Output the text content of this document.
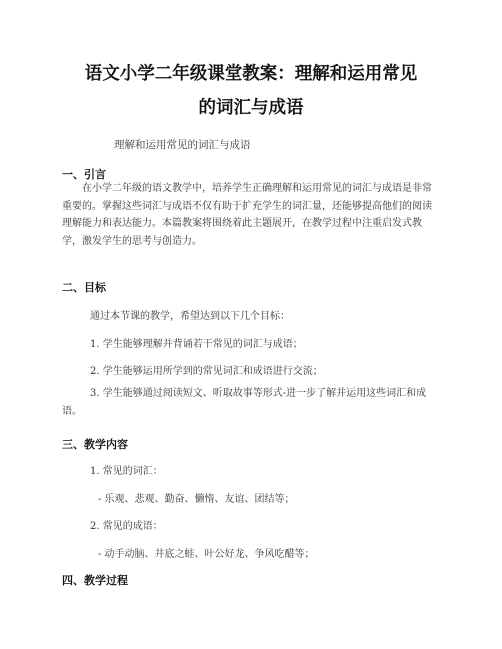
语文小学二年级课堂教案：理解和运用常见
的词汇与成语
理解和运用常见的词汇与成语
一、引言

在小学二年级的语文教学中，培养学生正确理解和运用常见的词汇与成语是非常重要的。掌握这些词汇与成语不仅有助于扩充学生的词汇量，还能够提高他们的阅读理解能力和表达能力。本篇教案将围绕着此主题展开，在教学过程中注重启发式教学，激发学生的思考与创造力。

二、目标
通过本节课的教学，希望达到以下几个目标：
1. 学生能够理解并背诵若干常见的词汇与成语；
2. 学生能够运用所学到的常见词汇和成语进行交流；

3. 学生能够通过阅读短文、听取故事等形式-进一步了解并运用这些词汇和成语。

三、教学内容
1. 常见的词汇：
- 乐观、悲观、勤奋、懒惰、友谊、团结等；
2. 常见的成语：
- 动手动脑、井底之蛙、叶公好龙、争风吃醋等；
四、教学过程
